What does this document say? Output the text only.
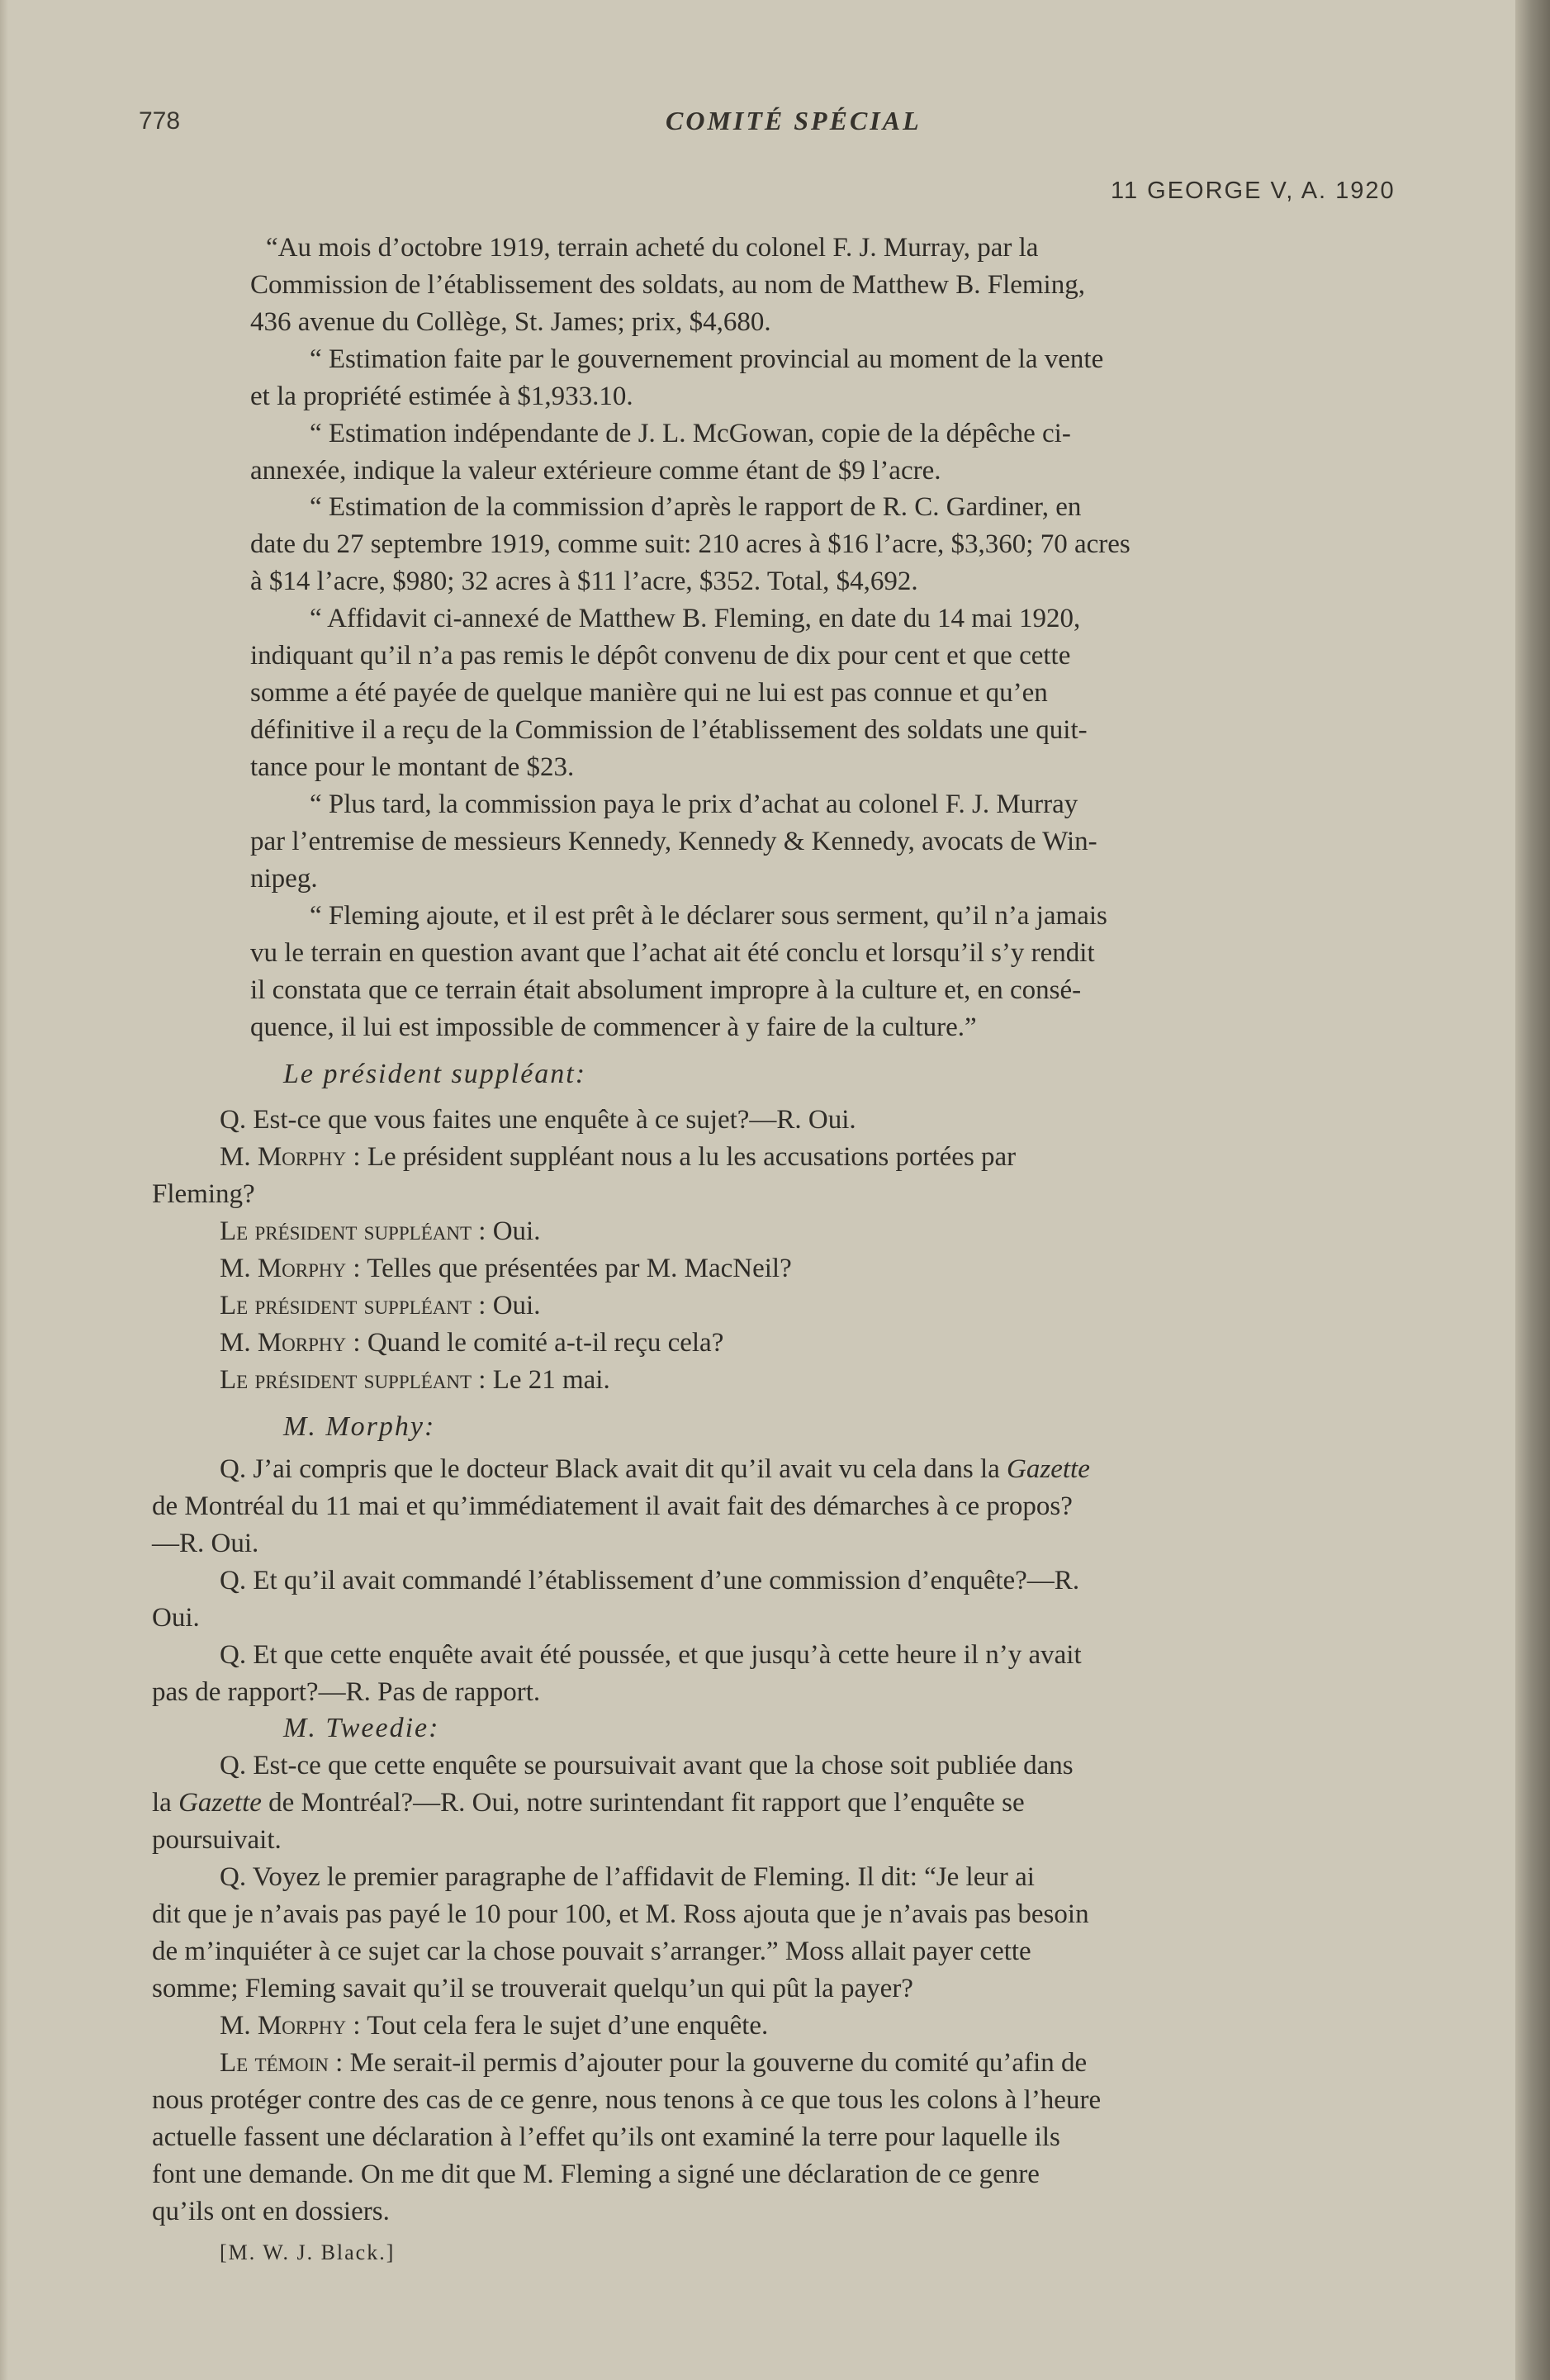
778	COMITÉ SPÉCIAL

11 GEORGE V, A. 1920

“Au mois d’octobre 1919, terrain acheté du colonel F. J. Murray, par la

Commission de l’établissement des soldats, au nom de Matthew B. Fleming,

436 avenue du Collège, St. James; prix, $4,680.

“ Estimation faite par le gouvernement provincial au moment de la vente

et la propriété estimée à $1,933.10.

“ Estimation indépendante de J. L. McGowan, copie de la dépêche ci-

annexée, indique la valeur extérieure comme étant de $9 l’acre.

“ Estimation de la commission d’après le rapport de R. C. Gardiner, en

date du 27 septembre 1919, comme suit: 210 acres à $16 l’acre, $3,360; 70 acres

à $14 l’acre, $980; 32 acres à $11 l’acre, $352. Total, $4,692.

“ Affidavit ci-annexé de Matthew B. Fleming, en date du 14 mai 1920,

indiquant qu’il n’a pas remis le dépôt convenu de dix pour cent et que cette

somme a été payée de quelque manière qui ne lui est pas connue et qu’en

définitive il a reçu de la Commission de l’établissement des soldats une quit-

tance pour le montant de $23.

“ Plus tard, la commission paya le prix d’achat au colonel F. J. Murray

par l’entremise de messieurs Kennedy, Kennedy & Kennedy, avocats de Win-

nipeg.

“ Fleming ajoute, et il est prêt à le déclarer sous serment, qu’il n’a jamais

vu le terrain en question avant que l’achat ait été conclu et lorsqu’il s’y rendit

il constata que ce terrain était absolument impropre à la culture et, en consé-

quence, il lui est impossible de commencer à y faire de la culture.”

Le président suppléant:

Q. Est-ce que vous faites une enquête à ce sujet?—R. Oui.

M. Morphy : Le président suppléant nous a lu les accusations portées par

Fleming?

Le président suppléant : Oui.

M. Morphy : Telles que présentées par M. MacNeil?

Le président suppléant : Oui.

M. Morphy : Quand le comité a-t-il reçu cela?

Le président suppléant : Le 21 mai.

M. Morphy:

Q. J’ai compris que le docteur Black avait dit qu’il avait vu cela dans la Gazette

de Montréal du 11 mai et qu’immédiatement il avait fait des démarches à ce propos?

—R. Oui.

Q. Et qu’il avait commandé l’établissement d’une commission d’enquête?—R.

Oui.

Q. Et que cette enquête avait été poussée, et que jusqu’à cette heure il n’y avait

pas de rapport?—R. Pas de rapport.

M. Tweedie:

Q. Est-ce que cette enquête se poursuivait avant que la chose soit publiée dans

la Gazette de Montréal?—R. Oui, notre surintendant fit rapport que l’enquête se

poursuivait.

Q. Voyez le premier paragraphe de l’affidavit de Fleming. Il dit: “Je leur ai

dit que je n’avais pas payé le 10 pour 100, et M. Ross ajouta que je n’avais pas besoin

de m’inquiéter à ce sujet car la chose pouvait s’arranger.” Moss allait payer cette

somme; Fleming savait qu’il se trouverait quelqu’un qui pût la payer?

M. Morphy : Tout cela fera le sujet d’une enquête.

Le témoin : Me serait-il permis d’ajouter pour la gouverne du comité qu’afin de

nous protéger contre des cas de ce genre, nous tenons à ce que tous les colons à l’heure

actuelle fassent une déclaration à l’effet qu’ils ont examiné la terre pour laquelle ils

font une demande. On me dit que M. Fleming a signé une déclaration de ce genre

qu’ils ont en dossiers.

[M. W. J. Black.]
